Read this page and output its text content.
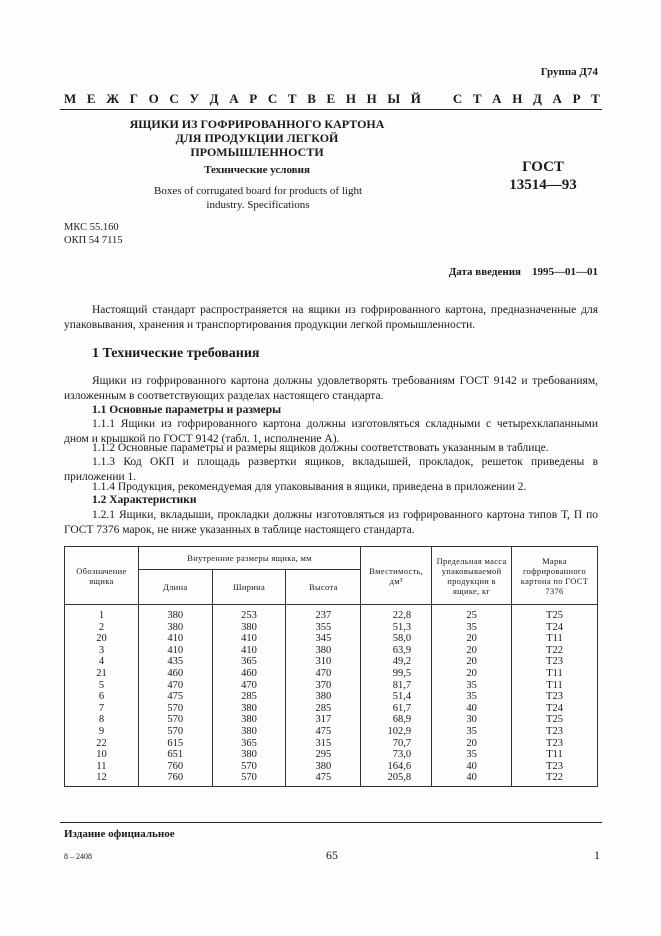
Группа Д74
М Е Ж Г О С У Д А Р С Т В Е Н Н Ы Й С Т А Н Д А Р Т
ЯЩИКИ ИЗ ГОФРИРОВАННОГО КАРТОНА
ДЛЯ ПРОДУКЦИИ ЛЕГКОЙ
ПРОМЫШЛЕННОСТИ
Технические условия
Boxes of corrugated board for products of light
industry. Specifications
ГОСТ
13514—93
МКС 55.160
ОКП 54 7115
Дата введения    1995—01—01
Настоящий стандарт распространяется на ящики из гофрированного картона, предназначенные для упаковывания, хранения и транспортирования продукции легкой промышленности.
1 Технические требования
Ящики из гофрированного картона должны удовлетворять требованиям ГОСТ 9142 и требованиям, изложенным в соответствующих разделах настоящего стандарта.
1.1 Основные параметры и размеры
1.1.1 Ящики из гофрированного картона должны изготовляться складными с четырехклапанными дном и крышкой по ГОСТ 9142 (табл. 1, исполнение А).
1.1.2 Основные параметры и размеры ящиков должны соответствовать указанным в таблице.
1.1.3 Код ОКП и площадь развертки ящиков, вкладышей, прокладок, решеток приведены в приложении 1.
1.1.4 Продукция, рекомендуемая для упаковывания в ящики, приведена в приложении 2.
1.2 Характеристики
1.2.1 Ящики, вкладыши, прокладки должны изготовляться из гофрированного картона типов Т, П по ГОСТ 7376 марок, не ниже указанных в таблице настоящего стандарта.
Обозначение ящика	Внутренние размеры ящика, мм			Вместимость, дм³	Предельная масса упаковываемой продукции в ящике, кг	Марка гофрированного картона по ГОСТ 7376
	Длина	Ширина	Высота			
1	380	253	237	22,8	25	Т25
2	380	380	355	51,3	35	Т24
20	410	410	345	58,0	20	Т11
3	410	410	380	63,9	20	Т22
4	435	365	310	49,2	20	Т23
21	460	460	470	99,5	20	Т11
5	470	470	370	81,7	35	Т11
6	475	285	380	51,4	35	Т23
7	570	380	285	61,7	40	Т24
8	570	380	317	68,9	30	Т25
9	570	380	475	102,9	35	Т23
22	615	365	315	70,7	20	Т23
10	651	380	295	73,0	35	Т11
11	760	570	380	164,6	40	Т23
12	760	570	475	205,8	40	Т22
Издание официальное
8 – 2408	65	1
